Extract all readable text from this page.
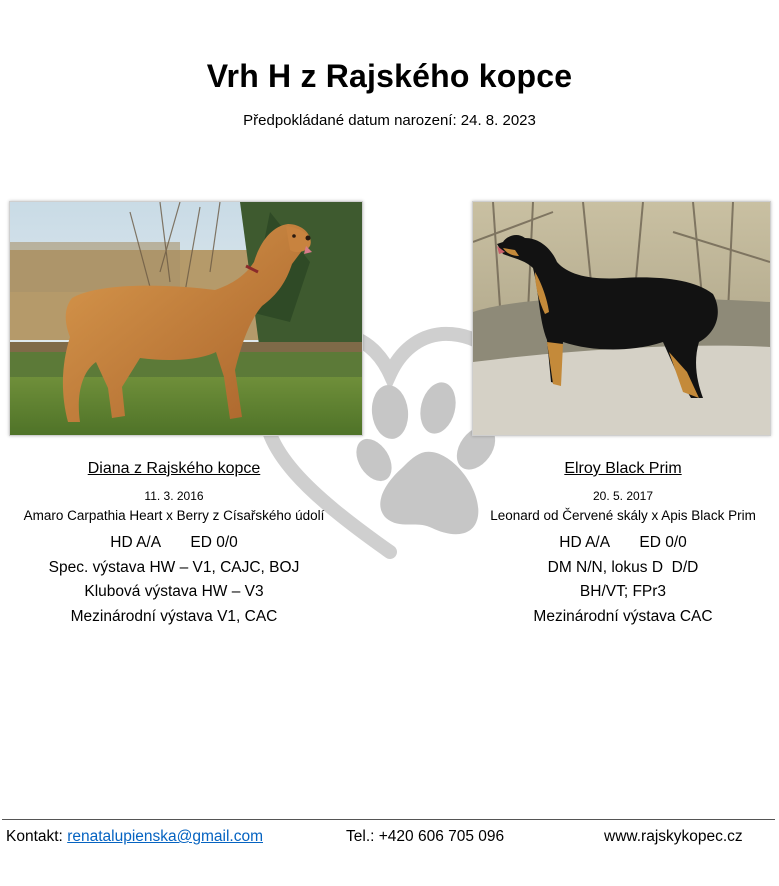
Vrh H z Rajského kopce
Předpokládané datum narození: 24. 8. 2023
Diana z Rajského kopce
11. 3. 2016
Amaro Carpathia Heart x Berry z Císařského údolí
HD A/A       ED 0/0
Spec. výstava HW – V1, CAJC, BOJ
Klubová výstava HW – V3
Mezinárodní výstava V1, CAC
Elroy Black Prim
20. 5. 2017
Leonard od Červené skály x Apis Black Prim
HD A/A       ED 0/0
DM N/N, lokus D  D/D
BH/VT; FPr3
Mezinárodní výstava CAC
Kontakt: renatalupienska@gmail.com	Tel.: +420 606 705 096	www.rajskykopec.cz
